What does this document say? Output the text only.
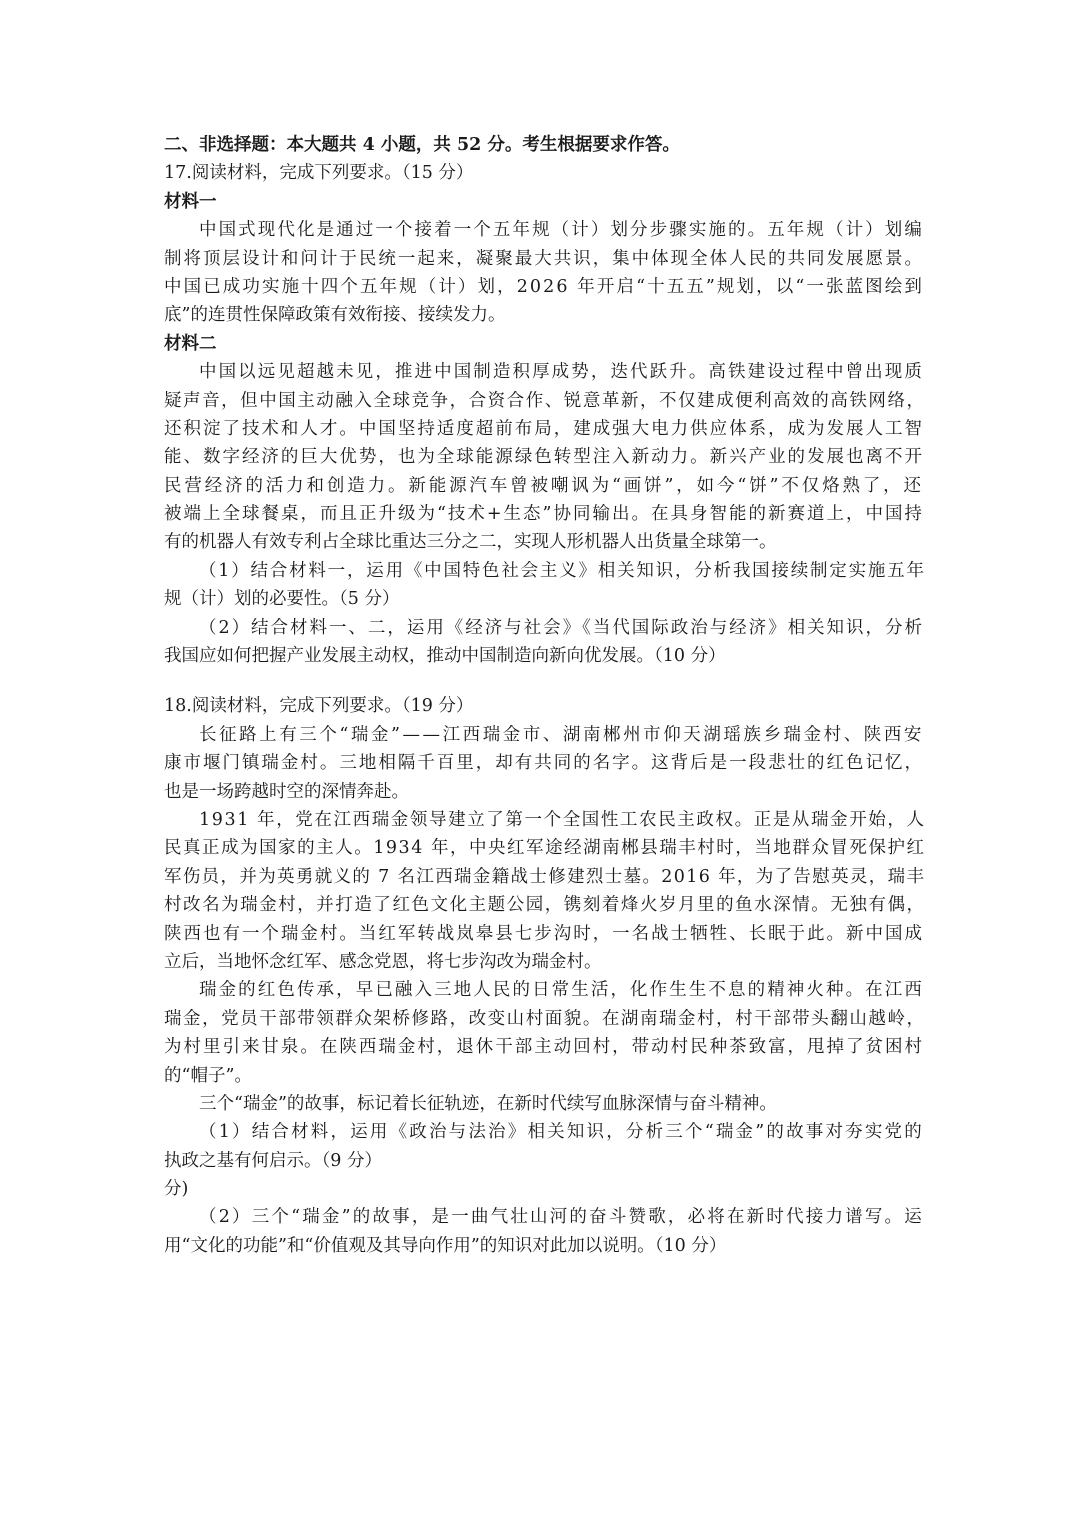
二、非选择题：本大题共 4 小题，共 52 分。考生根据要求作答。
17.阅读材料，完成下列要求。（15 分）
材料一
中国式现代化是通过一个接着一个五年规（计）划分步骤实施的。五年规（计）划编
制将顶层设计和问计于民统一起来，凝聚最大共识，集中体现全体人民的共同发展愿景。
中国已成功实施十四个五年规（计）划，2026 年开启“十五五”规划，以“一张蓝图绘到
底”的连贯性保障政策有效衔接、接续发力。
材料二
中国以远见超越未见，推进中国制造积厚成势，迭代跃升。高铁建设过程中曾出现质
疑声音，但中国主动融入全球竞争，合资合作、锐意革新，不仅建成便利高效的高铁网络，
还积淀了技术和人才。中国坚持适度超前布局，建成强大电力供应体系，成为发展人工智
能、数字经济的巨大优势，也为全球能源绿色转型注入新动力。新兴产业的发展也离不开
民营经济的活力和创造力。新能源汽车曾被嘲讽为“画饼”，如今“饼”不仅烙熟了，还
被端上全球餐桌，而且正升级为“技术+生态”协同输出。在具身智能的新赛道上，中国持
有的机器人有效专利占全球比重达三分之二，实现人形机器人出货量全球第一。
（1）结合材料一，运用《中国特色社会主义》相关知识，分析我国接续制定实施五年
规（计）划的必要性。（5 分）
（2）结合材料一、二，运用《经济与社会》《当代国际政治与经济》相关知识，分析
我国应如何把握产业发展主动权，推动中国制造向新向优发展。（10 分）
18.阅读材料，完成下列要求。（19 分）
长征路上有三个“瑞金”——江西瑞金市、湖南郴州市仰天湖瑶族乡瑞金村、陕西安
康市堰门镇瑞金村。三地相隔千百里，却有共同的名字。这背后是一段悲壮的红色记忆，
也是一场跨越时空的深情奔赴。
1931 年，党在江西瑞金领导建立了第一个全国性工农民主政权。正是从瑞金开始，人
民真正成为国家的主人。1934 年，中央红军途经湖南郴县瑞丰村时，当地群众冒死保护红
军伤员，并为英勇就义的 7 名江西瑞金籍战士修建烈士墓。2016 年，为了告慰英灵，瑞丰
村改名为瑞金村，并打造了红色文化主题公园，镌刻着烽火岁月里的鱼水深情。无独有偶，
陕西也有一个瑞金村。当红军转战岚皋县七步沟时，一名战士牺牲、长眠于此。新中国成
立后，当地怀念红军、感念党恩，将七步沟改为瑞金村。
瑞金的红色传承，早已融入三地人民的日常生活，化作生生不息的精神火种。在江西
瑞金，党员干部带领群众架桥修路，改变山村面貌。在湖南瑞金村，村干部带头翻山越岭，
为村里引来甘泉。在陕西瑞金村，退休干部主动回村，带动村民种茶致富，甩掉了贫困村
的“帽子”。
三个“瑞金”的故事，标记着长征轨迹，在新时代续写血脉深情与奋斗精神。
（1）结合材料，运用《政治与法治》相关知识，分析三个“瑞金”的故事对夯实党的
执政之基有何启示。（9 分）
分)
（2）三个“瑞金”的故事，是一曲气壮山河的奋斗赞歌，必将在新时代接力谱写。运
用“文化的功能”和“价值观及其导向作用”的知识对此加以说明。（10 分）
